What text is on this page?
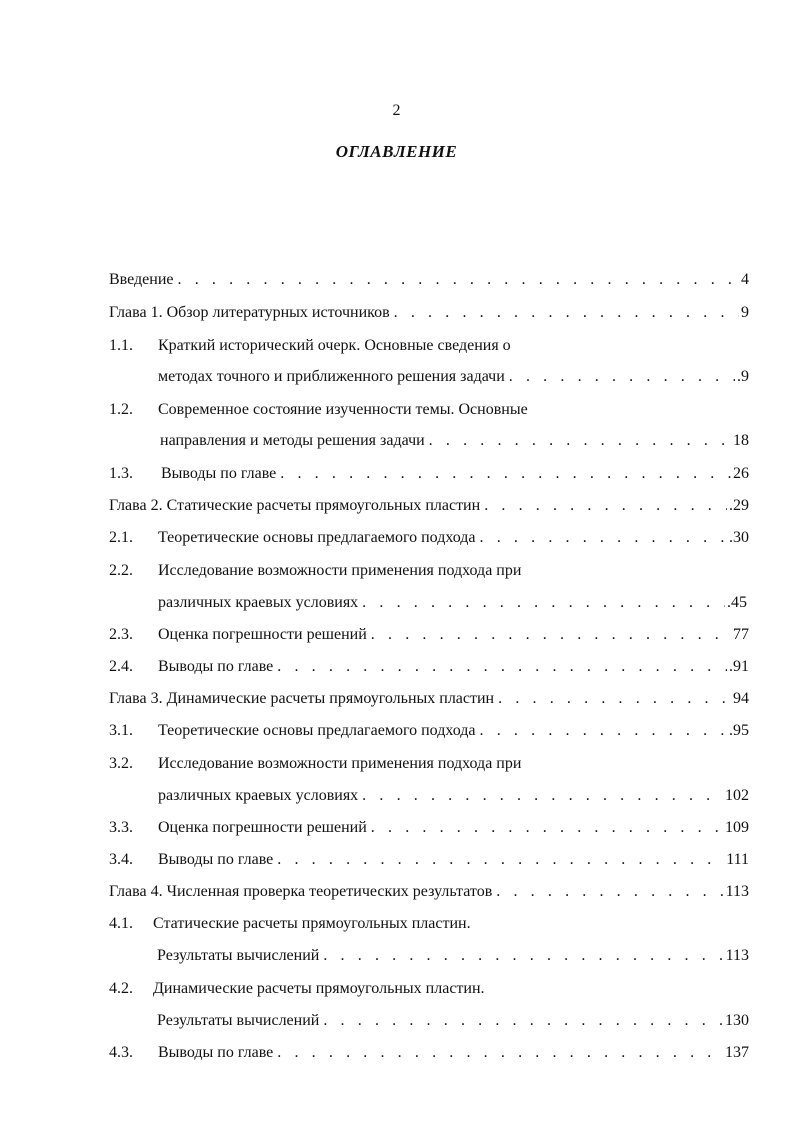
2
ОГЛАВЛЕНИЕ
Введение . . .	4
Глава 1. Обзор литературных источников . . .	9
1.1. Краткий исторический очерк. Основные сведения о
методах точного и приближенного решения задачи . . .	.9
1.2. Современное состояние изученности темы. Основные
направления и методы решения задачи . . .	18
1.3. Выводы по главе . . .	26
Глава 2. Статические расчеты прямоугольных пластин . . .	.29
2.1. Теоретические основы предлагаемого подхода . . .	.30
2.2. Исследование возможности применения подхода при
различных краевых условиях . . .	.45
2.3. Оценка погрешности решений . . .	77
2.4. Выводы по главе . . .	.91
Глава 3. Динамические расчеты прямоугольных пластин . . .	94
3.1. Теоретические основы предлагаемого подхода . . .	.95
3.2. Исследование возможности применения подхода при
различных краевых условиях . . .	102
3.3. Оценка погрешности решений . . .	109
3.4. Выводы по главе . . .	111
Глава 4. Численная проверка теоретических результатов . . .	113
4.1. Статические расчеты прямоугольных пластин.
Результаты вычислений . . .	113
4.2. Динамические расчеты прямоугольных пластин.
Результаты вычислений . . .	130
4.3. Выводы по главе . . .	137
